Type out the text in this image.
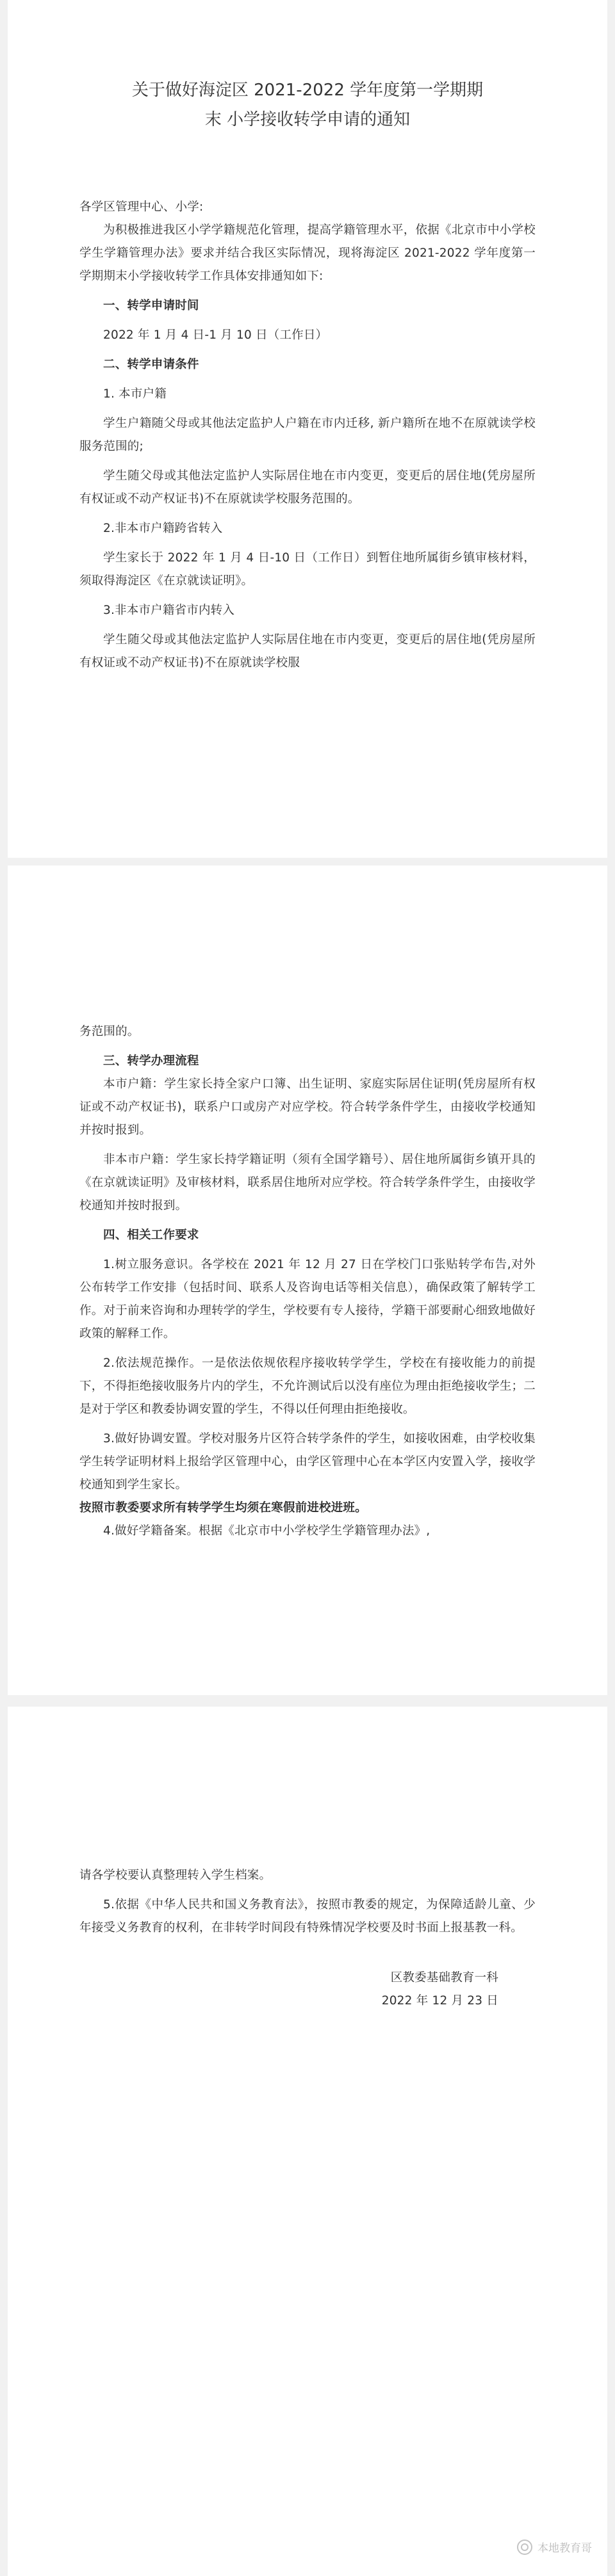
关于做好海淀区 2021-2022 学年度第一学期期
末 小学接收转学申请的通知

各学区管理中心、小学:

为积极推进我区小学学籍规范化管理，提高学籍管理水平，依据《北京市中小学校学生学籍管理办法》要求并结合我区实际情况，现将海淀区 2021-2022 学年度第一学期期末小学接收转学工作具体安排通知如下:

一、转学申请时间

2022 年 1 月 4 日-1 月 10 日（工作日）

二、转学申请条件

1. 本市户籍

学生户籍随父母或其他法定监护人户籍在市内迁移, 新户籍所在地不在原就读学校服务范围的;

学生随父母或其他法定监护人实际居住地在市内变更，变更后的居住地(凭房屋所有权证或不动产权证书)不在原就读学校服务范围的。

2.非本市户籍跨省转入

学生家长于 2022 年 1 月 4 日-10 日（工作日）到暂住地所属街乡镇审核材料，须取得海淀区《在京就读证明》。

3.非本市户籍省市内转入

学生随父母或其他法定监护人实际居住地在市内变更，变更后的居住地(凭房屋所有权证或不动产权证书)不在原就读学校服

务范围的。

三、转学办理流程

本市户籍：学生家长持全家户口簿、出生证明、家庭实际居住证明(凭房屋所有权证或不动产权证书)，联系户口或房产对应学校。符合转学条件学生，由接收学校通知并按时报到。

非本市户籍：学生家长持学籍证明（须有全国学籍号）、居住地所属街乡镇开具的《在京就读证明》及审核材料，联系居住地所对应学校。符合转学条件学生，由接收学校通知并按时报到。

四、相关工作要求

1.树立服务意识。各学校在 2021 年 12 月 27 日在学校门口张贴转学布告,对外公布转学工作安排（包括时间、联系人及咨询电话等相关信息），确保政策了解转学工作。对于前来咨询和办理转学的学生，学校要有专人接待，学籍干部要耐心细致地做好政策的解释工作。

2.依法规范操作。一是依法依规依程序接收转学学生，学校在有接收能力的前提下，不得拒绝接收服务片内的学生，不允许测试后以没有座位为理由拒绝接收学生；二是对于学区和教委协调安置的学生，不得以任何理由拒绝接收。

3.做好协调安置。学校对服务片区符合转学条件的学生，如接收困难，由学校收集学生转学证明材料上报给学区管理中心，由学区管理中心在本学区内安置入学，接收学校通知到学生家长。

按照市教委要求所有转学学生均须在寒假前进校进班。

4.做好学籍备案。根据《北京市中小学校学生学籍管理办法》,

请各学校要认真整理转入学生档案。

5.依据《中华人民共和国义务教育法》，按照市教委的规定，为保障适龄儿童、少年接受义务教育的权利，在非转学时间段有特殊情况学校要及时书面上报基教一科。

区教委基础教育一科

2022 年 12 月 23 日

本地教育哥
